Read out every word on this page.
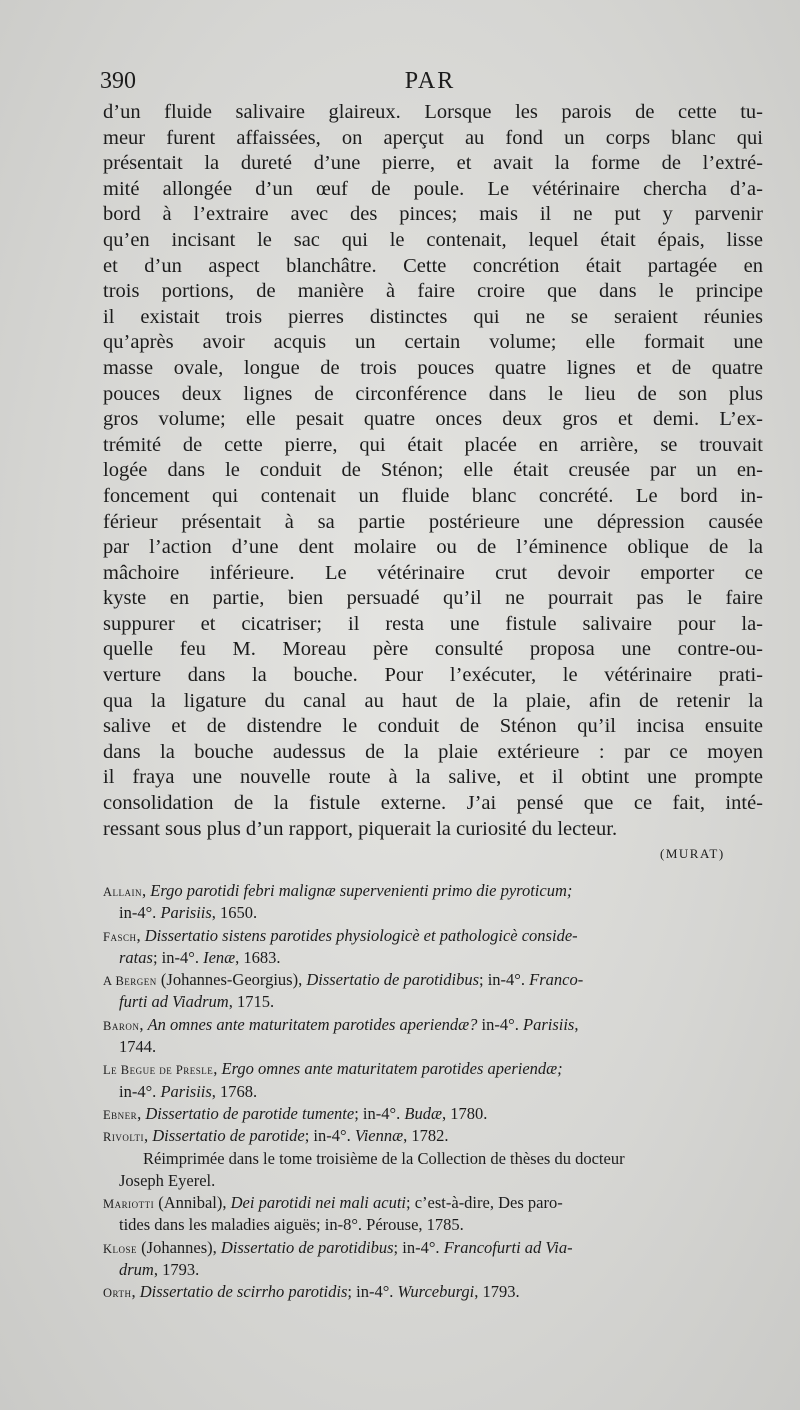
390	PAR
d’un fluide salivaire glaireux. Lorsque les parois de cette tu-
meur furent affaissées, on aperçut au fond un corps blanc qui
présentait la dureté d’une pierre, et avait la forme de l’extré-
mité allongée d’un œuf de poule. Le vétérinaire chercha d’a-
bord à l’extraire avec des pinces; mais il ne put y parvenir
qu’en incisant le sac qui le contenait, lequel était épais, lisse
et d’un aspect blanchâtre. Cette concrétion était partagée en
trois portions, de manière à faire croire que dans le principe
il existait trois pierres distinctes qui ne se seraient réunies
qu’après avoir acquis un certain volume; elle formait une
masse ovale, longue de trois pouces quatre lignes et de quatre
pouces deux lignes de circonférence dans le lieu de son plus
gros volume; elle pesait quatre onces deux gros et demi. L’ex-
trémité de cette pierre, qui était placée en arrière, se trouvait
logée dans le conduit de Sténon; elle était creusée par un en-
foncement qui contenait un fluide blanc concrété. Le bord in-
férieur présentait à sa partie postérieure une dépression causée
par l’action d’une dent molaire ou de l’éminence oblique de la
mâchoire inférieure. Le vétérinaire crut devoir emporter ce
kyste en partie, bien persuadé qu’il ne pourrait pas le faire
suppurer et cicatriser; il resta une fistule salivaire pour la-
quelle feu M. Moreau père consulté proposa une contre-ou-
verture dans la bouche. Pour l’exécuter, le vétérinaire prati-
qua la ligature du canal au haut de la plaie, afin de retenir la
salive et de distendre le conduit de Sténon qu’il incisa ensuite
dans la bouche audessus de la plaie extérieure : par ce moyen
il fraya une nouvelle route à la salive, et il obtint une prompte
consolidation de la fistule externe. J’ai pensé que ce fait, inté-
ressant sous plus d’un rapport, piquerait la curiosité du lecteur.
(MURAT)
Allain, Ergo parotidi febri malignæ supervenienti primo die pyroticum;
in-4°. Parisiis, 1650.
Fasch, Dissertatio sistens parotides physiologicè et pathologicè conside-
ratas; in-4°. Ienæ, 1683.
A Bergen (Johannes-Georgius), Dissertatio de parotidibus; in-4°. Franco-
furti ad Viadrum, 1715.
Baron, An omnes ante maturitatem parotides aperiendæ? in-4°. Parisiis,
1744.
Le Begue de Presle, Ergo omnes ante maturitatem parotides aperiendæ;
in-4°. Parisiis, 1768.
Ebner, Dissertatio de parotide tumente; in-4°. Budæ, 1780.
Rivolti, Dissertatio de parotide; in-4°. Viennæ, 1782.
Réimprimée dans le tome troisième de la Collection de thèses du docteur
Joseph Eyerel.
Mariotti (Annibal), Dei parotidi nei mali acuti; c’est-à-dire, Des paro-
tides dans les maladies aiguës; in-8°. Pérouse, 1785.
Klose (Johannes), Dissertatio de parotidibus; in-4°. Francofurti ad Via-
drum, 1793.
Orth, Dissertatio de scirrho parotidis; in-4°. Wurceburgi, 1793.
